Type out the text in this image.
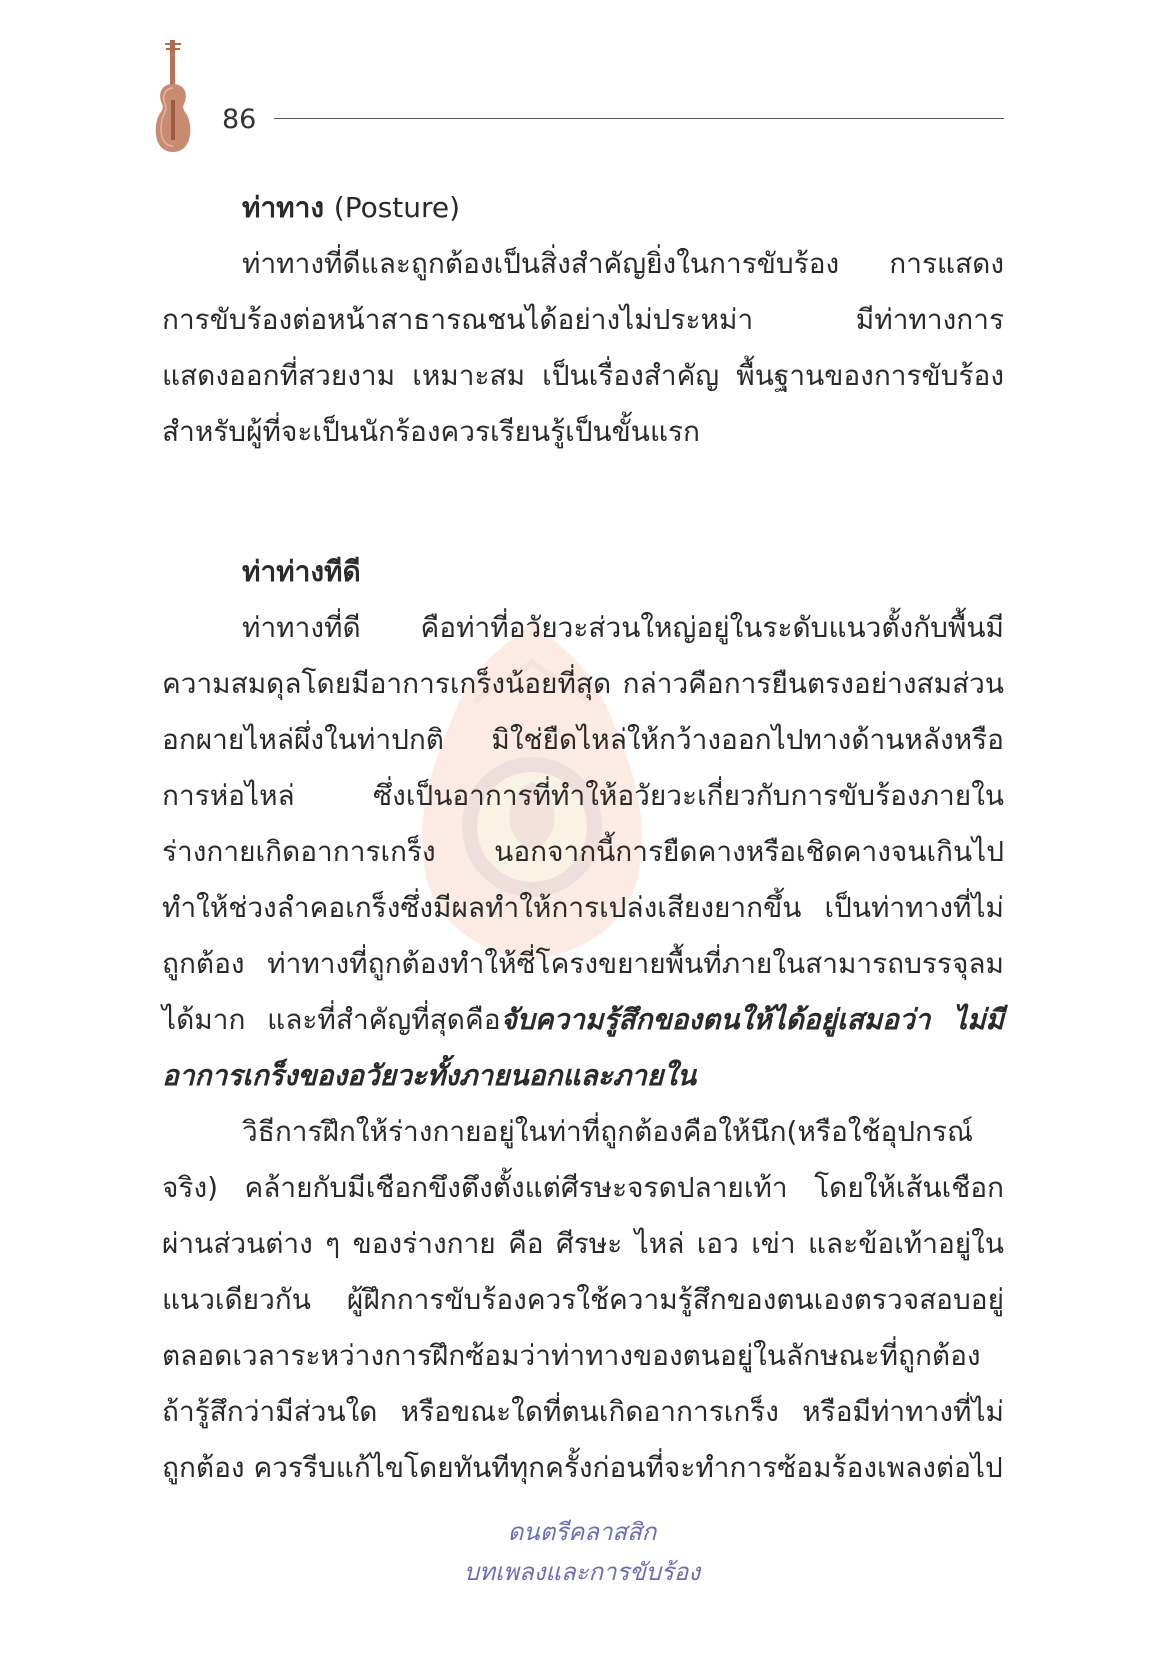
86

ท่าทาง (Posture)

ท่าทางที่ดีและถูกต้องเป็นสิ่งสำคัญยิ่งในการขับร้อง การแสดงการขับร้องต่อหน้าสาธารณชนได้อย่างไม่ประหม่า มีท่าทางการแสดงออกที่สวยงาม เหมาะสม เป็นเรื่องสำคัญ พื้นฐานของการขับร้องสำหรับผู้ที่จะเป็นนักร้องควรเรียนรู้เป็นขั้นแรก

ท่าท่างทีดี

ท่าทางที่ดี คือท่าที่อวัยวะส่วนใหญ่อยู่ในระดับแนวตั้งกับพื้นมีความสมดุลโดยมีอาการเกร็งน้อยที่สุด กล่าวคือการยืนตรงอย่างสมส่วน อกผายไหล่ผึ่งในท่าปกติ มิใช่ยืดไหล่ให้กว้างออกไปทางด้านหลังหรือการห่อไหล่ ซึ่งเป็นอาการที่ทำให้อวัยวะเกี่ยวกับการขับร้องภายในร่างกายเกิดอาการเกร็ง นอกจากนี้การยืดคางหรือเชิดคางจนเกินไปทำให้ช่วงลำคอเกร็งซึ่งมีผลทำให้การเปล่งเสียงยากขึ้น เป็นท่าทางที่ไม่ถูกต้อง ท่าทางที่ถูกต้องทำให้ซี่โครงขยายพื้นที่ภายในสามารถบรรจุลม ได้มาก และที่สำคัญที่สุดคือจับความรู้สึกของตนให้ได้อยู่เสมอว่า ไม่มีอาการเกร็งของอวัยวะทั้งภายนอกและภายใน

วิธีการฝึกให้ร่างกายอยู่ในท่าที่ถูกต้องคือให้นึก(หรือใช้อุปกรณ์จริง) คล้ายกับมีเชือกขึงตึงตั้งแต่ศีรษะจรดปลายเท้า โดยให้เส้นเชือกผ่านส่วนต่าง ๆ ของร่างกาย คือ ศีรษะ ไหล่ เอว เข่า และข้อเท้าอยู่ในแนวเดียวกัน ผู้ฝึกการขับร้องควรใช้ความรู้สึกของตนเองตรวจสอบอยู่ตลอดเวลาระหว่างการฝึกซ้อมว่าท่าทางของตนอยู่ในลักษณะที่ถูกต้อง ถ้ารู้สึกว่ามีส่วนใด หรือขณะใดที่ตนเกิดอาการเกร็ง หรือมีท่าทางที่ไม่ถูกต้อง ควรรีบแก้ไขโดยทันทีทุกครั้งก่อนที่จะทำการซ้อมร้องเพลงต่อไป

ดนตรีคลาสสิก
บทเพลงและการขับร้อง
